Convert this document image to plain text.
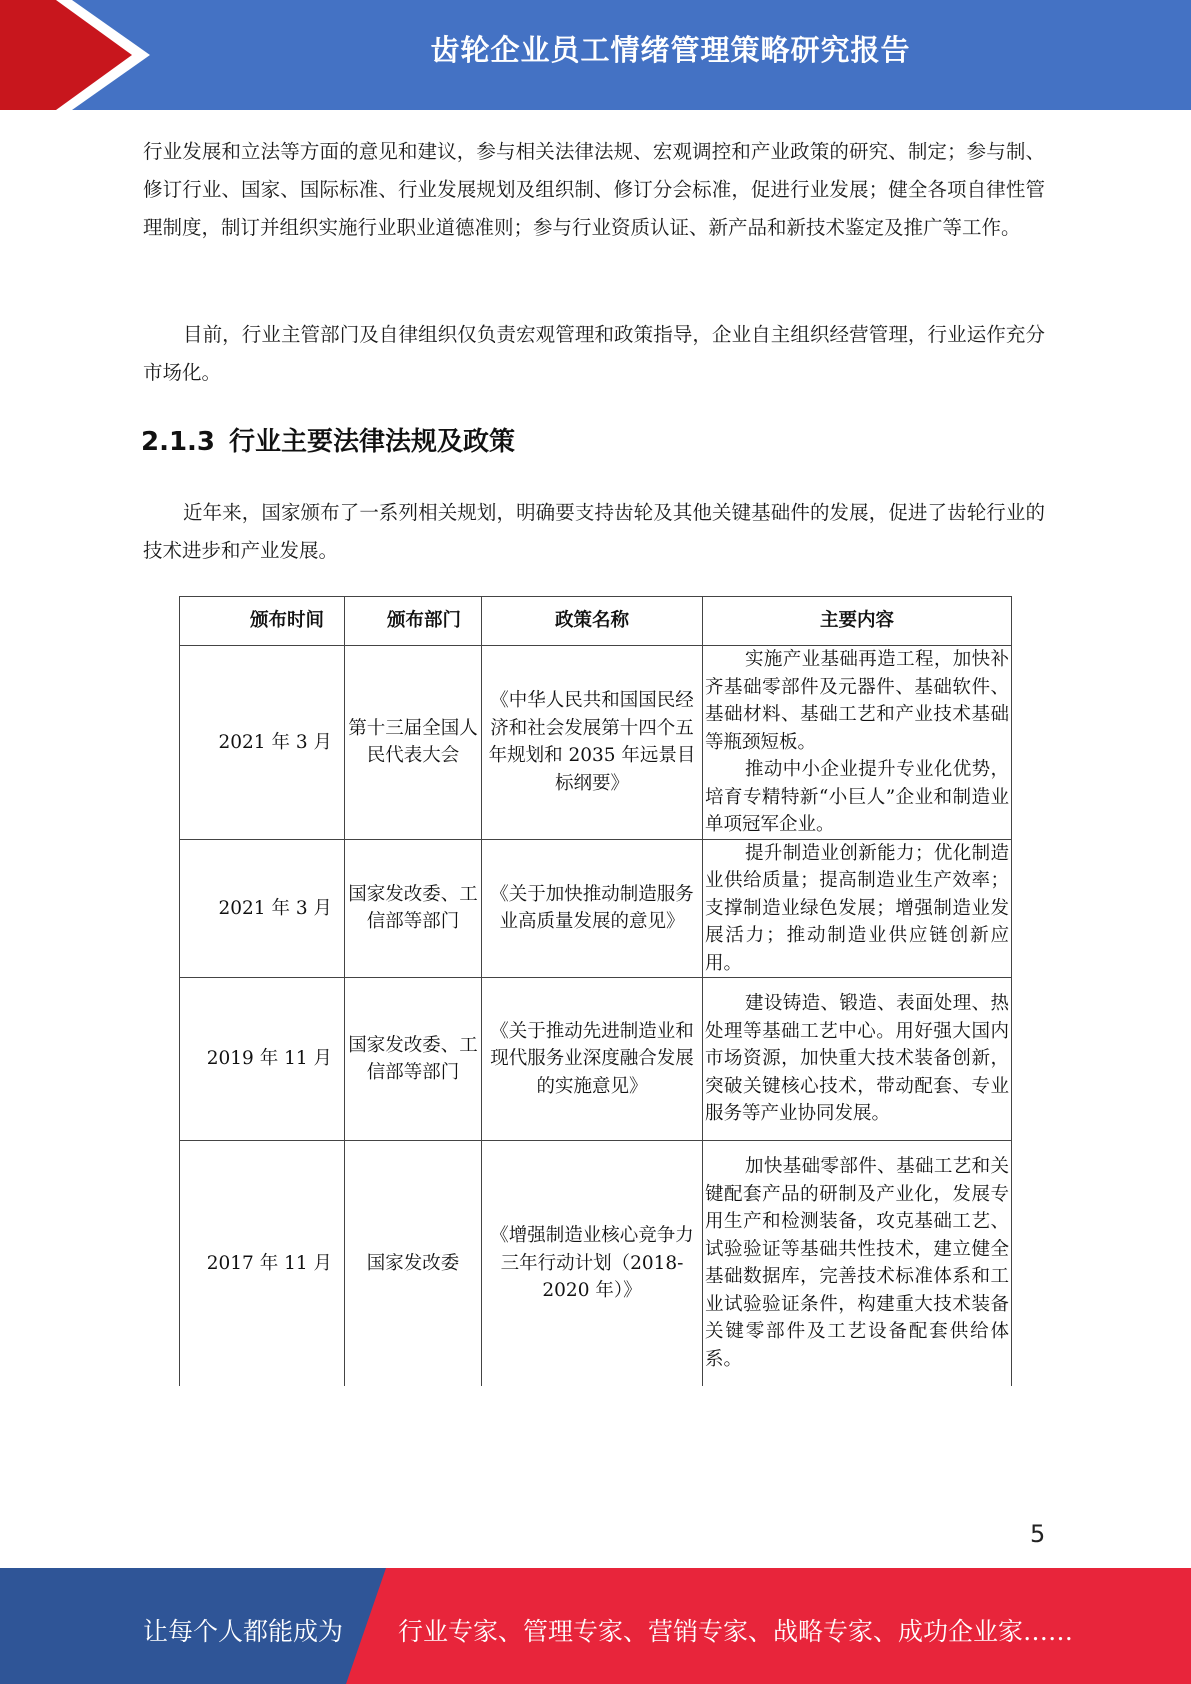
齿轮企业员工情绪管理策略研究报告

行业发展和立法等方面的意见和建议，参与相关法律法规、宏观调控和产业政策的研究、制定；参与制、修订行业、国家、国际标准、行业发展规划及组织制、修订分会标准，促进行业发展；健全各项自律性管理制度，制订并组织实施行业职业道德准则；参与行业资质认证、新产品和新技术鉴定及推广等工作。

目前，行业主管部门及自律组织仅负责宏观管理和政策指导，企业自主组织经营管理，行业运作充分市场化。

2.1.3 行业主要法律法规及政策

近年来，国家颁布了一系列相关规划，明确要支持齿轮及其他关键基础件的发展，促进了齿轮行业的技术进步和产业发展。

颁布时间	颁布部门	政策名称	主要内容
2021 年 3 月	第十三届全国人民代表大会	《中华人民共和国国民经济和社会发展第十四个五年规划和 2035 年远景目标纲要》	实施产业基础再造工程，加快补齐基础零部件及元器件、基础软件、基础材料、基础工艺和产业技术基础等瓶颈短板。
推动中小企业提升专业化优势，培育专精特新“小巨人”企业和制造业单项冠军企业。

2021 年 3 月	国家发改委、工信部等部门	《关于加快推动制造服务业高质量发展的意见》	提升制造业创新能力；优化制造业供给质量；提高制造业生产效率；支撑制造业绿色发展；增强制造业发展活力；推动制造业供应链创新应用。

2019 年 11 月	国家发改委、工信部等部门	《关于推动先进制造业和现代服务业深度融合发展的实施意见》	建设铸造、锻造、表面处理、热处理等基础工艺中心。用好强大国内市场资源，加快重大技术装备创新，突破关键核心技术，带动配套、专业服务等产业协同发展。

2017 年 11 月	国家发改委	《增强制造业核心竞争力三年行动计划（2018-2020 年）》	加快基础零部件、基础工艺和关键配套产品的研制及产业化，发展专用生产和检测装备，攻克基础工艺、试验验证等基础共性技术，建立健全基础数据库，完善技术标准体系和工业试验验证条件，构建重大技术装备关键零部件及工艺设备配套供给体系。
5
让每个人都能成为 行业专家、管理专家、营销专家、战略专家、成功企业家……
